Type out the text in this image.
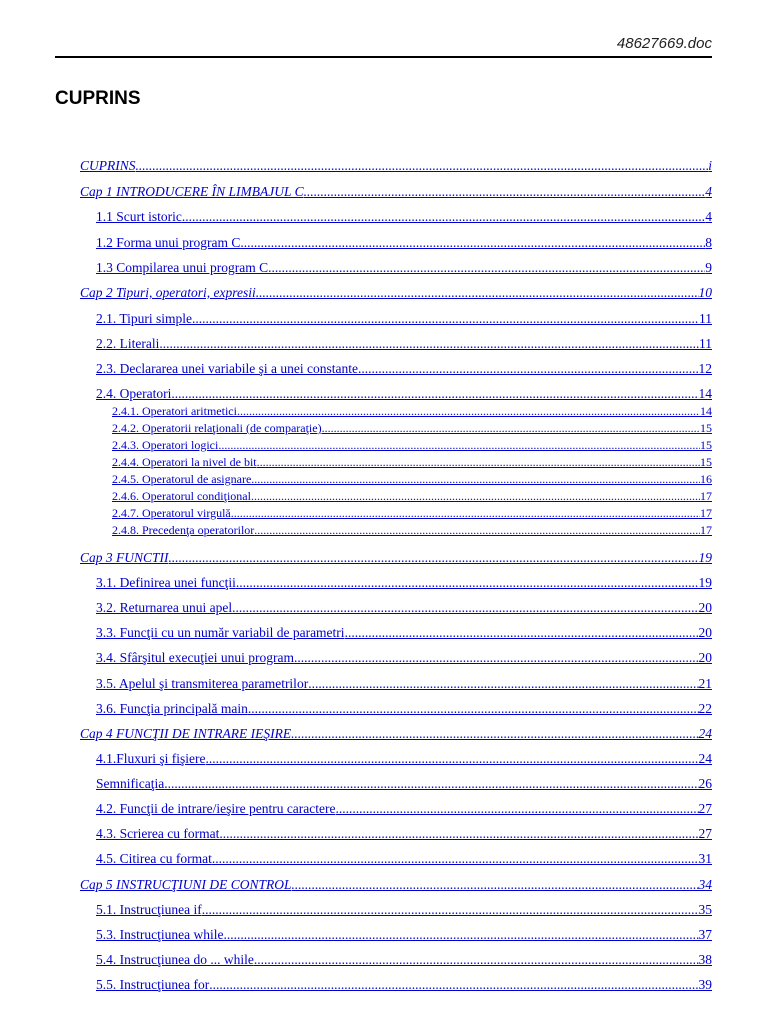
48627669.doc
CUPRINS
CUPRINS .....	i
Cap 1 INTRODUCERE ÎN LIMBAJUL C .....	4
1.1 Scurt istoric .....	4
1.2 Forma unui program C .....	8
1.3 Compilarea unui program C .....	9
Cap 2 Tipuri, operatori, expresii .....	10
2.1. Tipuri simple .....	11
2.2. Literali .....	11
2.3. Declararea unei variabile şi a unei constante .....	12
2.4. Operatori .....	14
2.4.1. Operatori aritmetici .....	14
2.4.2. Operatorii relaţionali (de comparaţie) .....	15
2.4.3. Operatori logici .....	15
2.4.4. Operatori la nivel de bit .....	15
2.4.5. Operatorul de asignare .....	16
2.4.6. Operatorul condiţional .....	17
2.4.7. Operatorul virgulă .....	17
2.4.8. Precedenţa operatorilor .....	17
Cap 3 FUNCTII .....	19
3.1. Definirea unei funcţii .....	19
3.2. Returnarea unui apel .....	20
3.3. Funcţii cu un număr variabil de parametri .....	20
3.4. Sfârşitul execuţiei unui program .....	20
3.5. Apelul şi transmiterea parametrilor .....	21
3.6. Funcţia principală main .....	22
Cap 4 FUNCŢII DE INTRARE IEŞIRE .....	24
4.1.Fluxuri şi fişiere .....	24
Semnificaţia .....	26
4.2. Funcţii de intrare/ieşire pentru caractere .....	27
4.3. Scrierea cu format .....	27
4.5. Citirea cu format .....	31
Cap 5 INSTRUCŢIUNI DE CONTROL .....	34
5.1. Instrucţiunea if .....	35
5.3. Instrucţiunea while .....	37
5.4. Instrucţiunea do ... while .....	38
5.5. Instrucţiunea for .....	39
